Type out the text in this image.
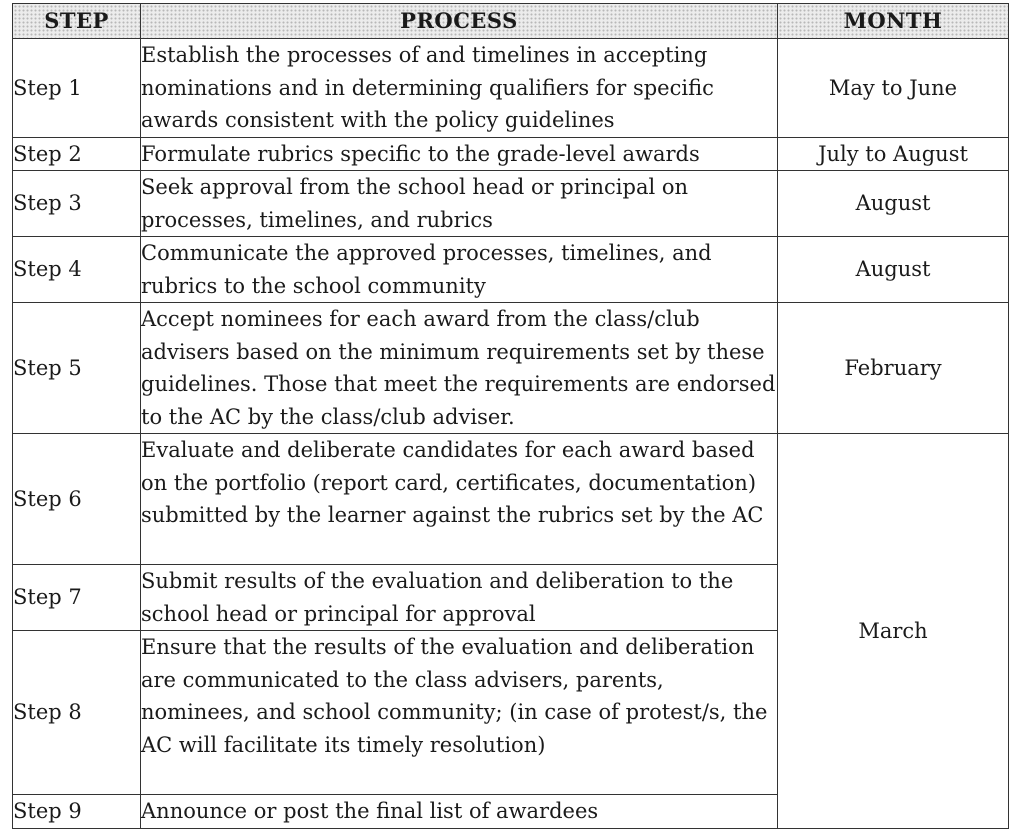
STEP	PROCESS	MONTH
Step 1	Establish the processes of and timelines in accepting nominations and in determining qualifiers for specific awards consistent with the policy guidelines	May to June
Step 2	Formulate rubrics specific to the grade-level awards	July to August
Step 3	Seek approval from the school head or principal on processes, timelines, and rubrics	August
Step 4	Communicate the approved processes, timelines, and rubrics to the school community	August
Step 5	Accept nominees for each award from the class/club advisers based on the minimum requirements set by these guidelines. Those that meet the requirements are endorsed to the AC by the class/club adviser.	February
Step 6	Evaluate and deliberate candidates for each award based on the portfolio (report card, certificates, documentation) submitted by the learner against the rubrics set by the AC	March
Step 7	Submit results of the evaluation and deliberation to the school head or principal for approval	
Step 8	Ensure that the results of the evaluation and deliberation are communicated to the class advisers, parents, nominees, and school community; (in case of protest/s, the AC will facilitate its timely resolution)	
Step 9	Announce or post the final list of awardees	
